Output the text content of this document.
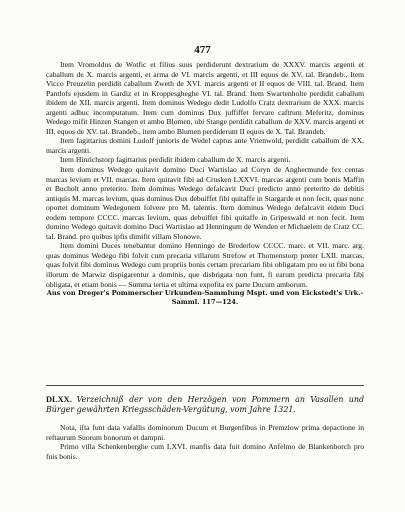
477

Item Vromoldus de Wotfic et filius suus perdiderunt dextrarium de XXXV. marcis argenti et caballum de X. marcis argenti, et arma de VI. marcis argenti, et III equos de XV. tal. Brandeb., Item Vicco Preuzelin perdidit caballum Zweth de XVI. marcis argenti et II equos de VIII. tal. Brand. Item Pantlofs ejusdem in Gardiz et in Kroppesgheghe VI. tal. Brand. Item Swartenholte perdidit caballum ibidem de XII. marcis argenti. Item dominus Wedego dedit Ludolfo Cratz dextrarium de XXX. marcis argenti adhuc incomputatum. Item cum dominus Dux juffiffet fervare caftrum Meferitz, dominus Wedego mifit Hinzen Stangen et ambo Blomen, ubi Stange perdidit caballum de XXV. marcis argenti et III. equos de XV. tal. Brandeb., item ambo Blumen perdiderunt II equos de X. Tal. Brandeb.

Item fagittarius domini Ludolf junioris de Wedel captus ante Vrienwold, perdidit caballum de XX. marcis argenti.

Item Hinrichstorp fagittarius perdidit ibidem caballum de X. marcis argenti.

Item dominus Wedego quitavit domino Duci Wartislao ad Coryn de Anghermunde fex centas marcas levium et VII. marcas. Item quitavit fibi ad Crusken LXXVI. marcas argenti cum bonis Maffin et Bucholt anno preterito. Item dominus Wedego defalcavit Duci predicto anno preterito de debitis antiquis M. marcas levium, quas dominus Dux debuiffet fibi quitaffe in Stargarde et non fecit, quas nunc oportet dominum Wedegonem folvere pro M. talentis. Item dominus Wedego defalcavit eidem Duci eodem tempore CCCC. marcas levium, quas debuiffet fibi quitaffe in Gripeswald et non fecit. Item domino Wedego quitavit domino Duci Wartislao ad Henningum de Wenden et Michaelem de Cratz CC. tal. Brand. pro quibus ipfis dimifit villam Slonowe.

Item domini Duces tenebantur domino Henningo de Brederlow CCCC. marc. et VII. marc. arg. quas dominus Wedego fibi folvit cum precaria villarum Strefow et Thomenstorp preter LXII. marcas, quas folvit fibi dominus Wedego cum propriis bonis certam precariam fibi obligatam pro eo ut fibi bona illorum de Marwiz dispigarentur a dominis, que disbrigata non funt, fi earum predicta precaria fibi obligata, et etiam bonis — Summa tertia et ultima expofita ex parte Ducum amborum.

Aus von Dreger's Pommerscher Urkunden-Sammlung Mspt. und von Eickstedt's Urk.-Samml. 117—124.

DLXX. Verzeichniß der von den Herzögen von Pommern an Vasallen und Bürger gewährten Kriegsschäden-Vergütung, vom Jahre 1321.

Nota, ifta funt data vafallis dominorum Ducum et Burgenfibus in Premzlow prima depactione in reftaurum Suorum bonorum et dampni.

Primo villa Schenkenberghe cum LXVI. manfis data fuit domino Anfelmo de Blankenborch pro fuis bonis.
